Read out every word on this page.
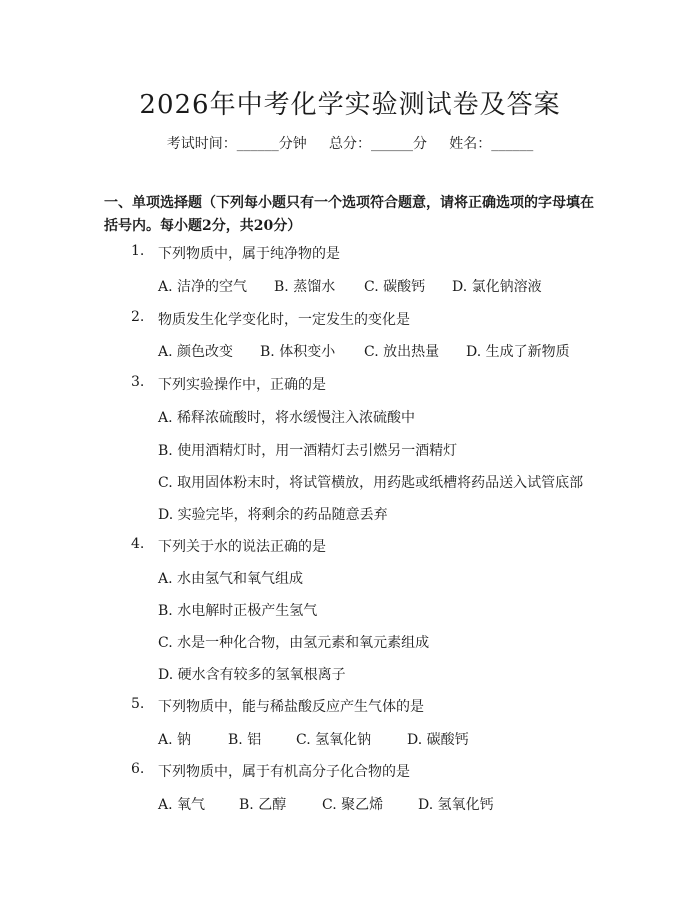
2026年中考化学实验测试卷及答案
考试时间：______分钟     总分：______分     姓名：______
一、单项选择题（下列每小题只有一个选项符合题意，请将正确选项的字母填在括号内。每小题2分，共20分）
1. 下列物质中，属于纯净物的是
A. 洁净的空气 B. 蒸馏水 C. 碳酸钙 D. 氯化钠溶液
2. 物质发生化学变化时，一定发生的变化是
A. 颜色改变 B. 体积变小 C. 放出热量 D. 生成了新物质
3. 下列实验操作中，正确的是
A. 稀释浓硫酸时，将水缓慢注入浓硫酸中
B. 使用酒精灯时，用一酒精灯去引燃另一酒精灯
C. 取用固体粉末时，将试管横放，用药匙或纸槽将药品送入试管底部
D. 实验完毕，将剩余的药品随意丢弃
4. 下列关于水的说法正确的是
A. 水由氢气和氧气组成
B. 水电解时正极产生氢气
C. 水是一种化合物，由氢元素和氧元素组成
D. 硬水含有较多的氢氧根离子
5. 下列物质中，能与稀盐酸反应产生气体的是
A. 钠	B. 铝 C. 氢氧化钠	D. 碳酸钙
6. 下列物质中，属于有机高分子化合物的是
A. 氧气 B. 乙醇	C. 聚乙烯 D. 氢氧化钙
